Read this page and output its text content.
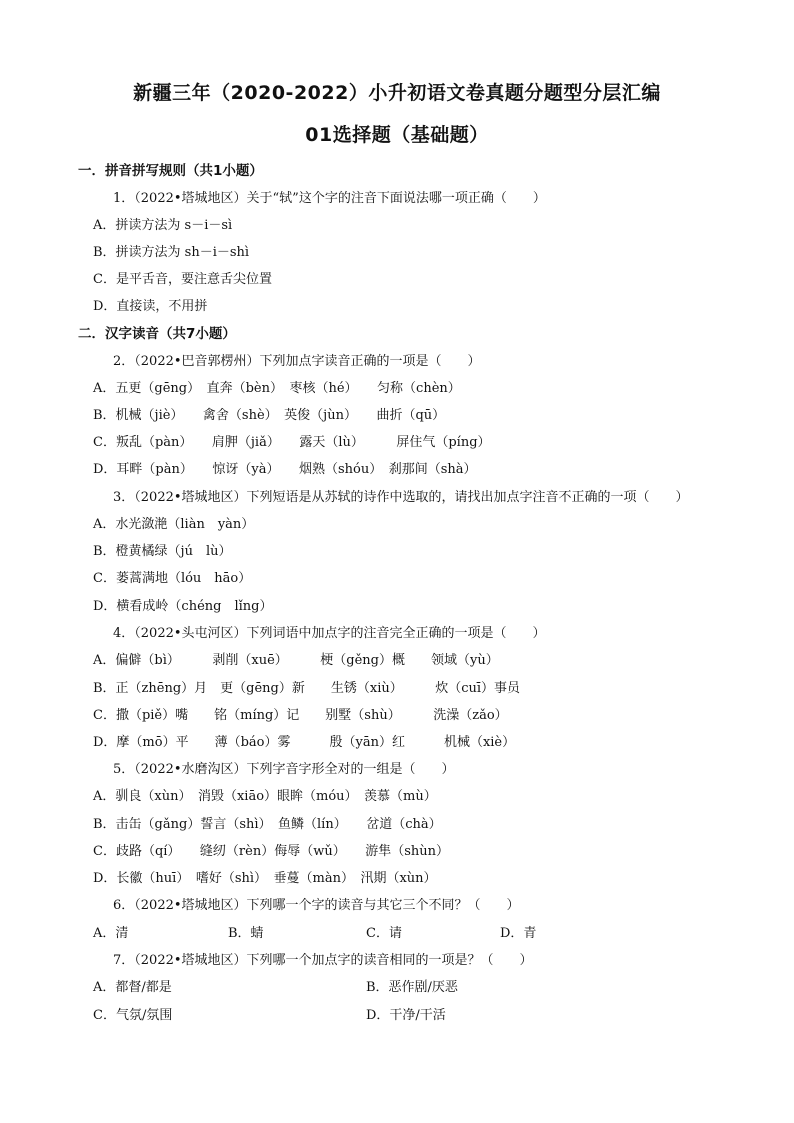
新疆三年（2020-2022）小升初语文卷真题分题型分层汇编
01选择题（基础题）
一．拼音拼写规则（共1小题）
1．（2022•塔城地区）关于“轼”这个字的注音下面说法哪一项正确（　　）
A．拼读方法为 s－i－sì
B．拼读方法为 sh－i－shì
C．是平舌音，要注意舌尖位置
D．直接读，不用拼
二．汉字读音（共7小题）
2．（2022•巴音郭楞州）下列加点字读音正确的一项是（　　）
A．五更（gēng）　直奔（bèn）　枣核（hé）　　匀称（chèn）
B．机械（jiè）　　禽舍（shè）　英俊（jùn）　　曲折（qū）
C．叛乱（pàn）　　肩胛（jiǎ）　　露天（lù）　　　屏住气（píng）
D．耳畔（pàn）　　惊讶（yà）　　烟熟（shóu）　刹那间（shà）
3．（2022•塔城地区）下列短语是从苏轼的诗作中选取的，请找出加点字注音不正确的一项（　　）
A．水光潋滟（liàn　yàn）
B．橙黄橘绿（jú　lù）
C．蒌蒿满地（lóu　hāo）
D．横看成岭（chéng　lǐng）
4．（2022•头屯河区）下列词语中加点字的注音完全正确的一项是（　　）
A．偏僻（bì）　　　剥削（xuē）　　　梗（gěng）概　　领域（yù）
B．正（zhēng）月　更（gēng）新　　生锈（xiù）　　　炊（cuī）事员
C．撒（piě）嘴　　铭（míng）记　　别墅（shù）　　　洗澡（zǎo）
D．摩（mō）平　　薄（báo）雾　　　殷（yān）红　　　机械（xiè）
5．（2022•水磨沟区）下列字音字形全对的一组是（　　）
A．驯良（xùn）　消毁（xiāo）眼眸（móu）　羡慕（mù）
B．击缶（gǎng）誓言（shì）　鱼鳞（lín）　　岔道（chà）
C．歧路（qí）　　缝纫（rèn）侮辱（wǔ）　　游隼（shùn）
D．长徽（huī）　嗜好（shì）　垂蔓（màn）　汛期（xùn）
6．（2022•塔城地区）下列哪一个字的读音与其它三个不同？（　　）
A．清	B．蜻	C．请	D．青
7．（2022•塔城地区）下列哪一个加点字的读音相同的一项是？（　　）
A．都督/都是	B．恶作剧/厌恶
C．气氛/氛围	D．干净/干活
